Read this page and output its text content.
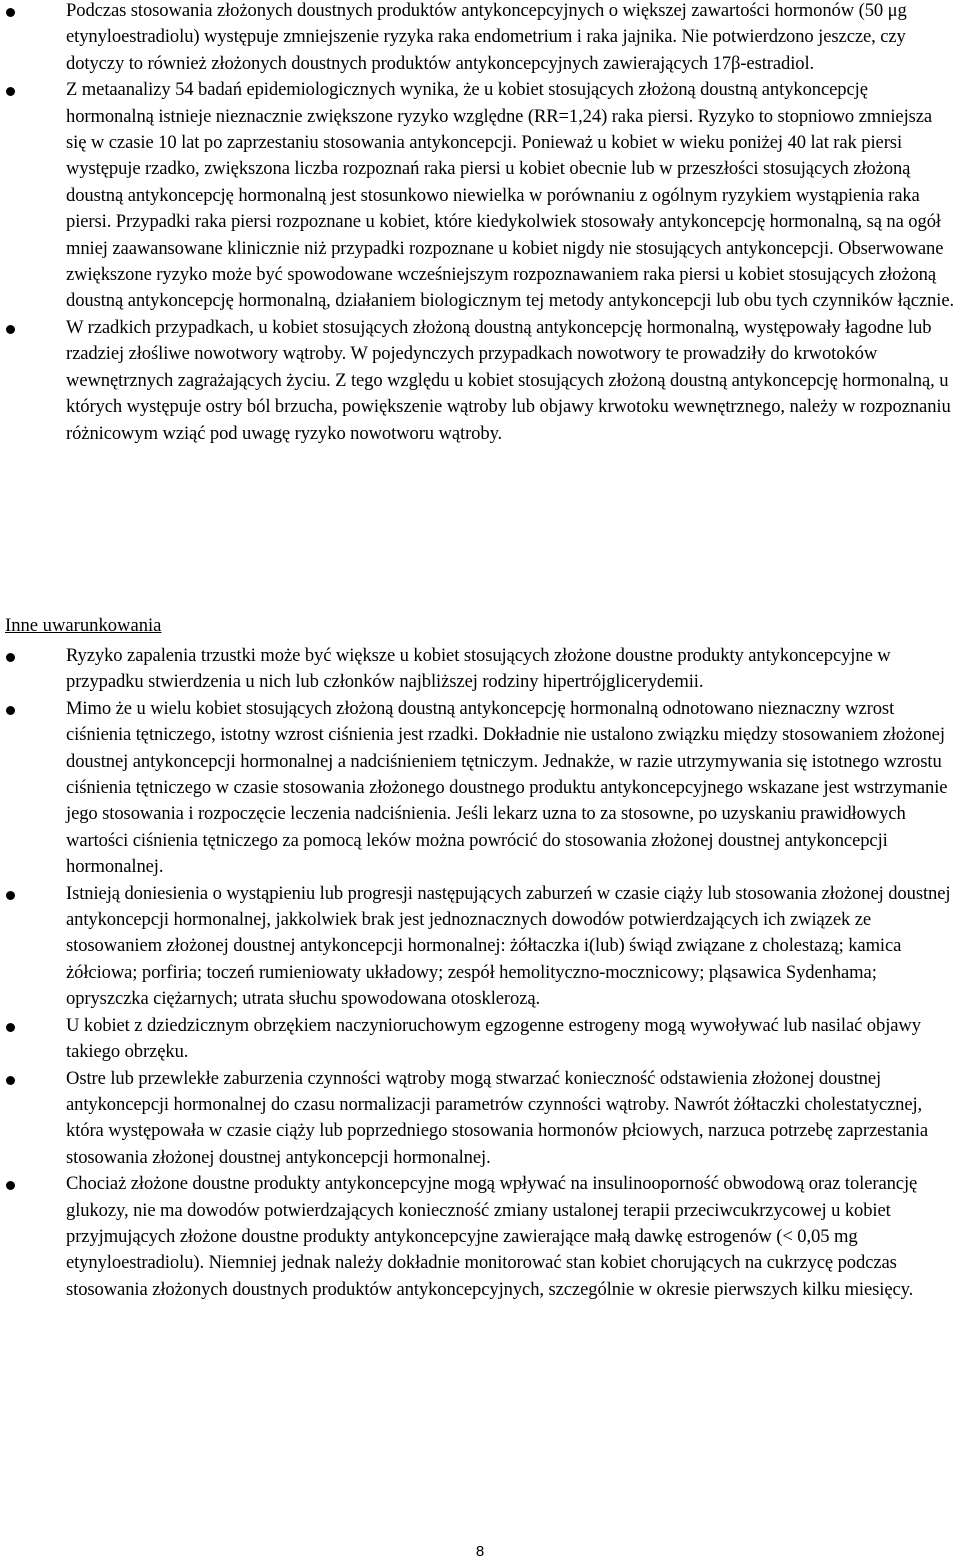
Podczas stosowania złożonych doustnych produktów antykoncepcyjnych o większej zawartości hormonów (50 μg etynyloestradiolu) występuje zmniejszenie ryzyka raka endometrium i raka jajnika. Nie potwierdzono jeszcze, czy dotyczy to również złożonych doustnych produktów antykoncepcyjnych zawierających 17β-estradiol.
Z metaanalizy 54 badań epidemiologicznych wynika, że u kobiet stosujących złożoną doustną antykoncepcję hormonalną istnieje nieznacznie zwiększone ryzyko względne (RR=1,24) raka piersi. Ryzyko to stopniowo zmniejsza się w czasie 10 lat po zaprzestaniu stosowania antykoncepcji. Ponieważ u kobiet w wieku poniżej 40 lat rak piersi występuje rzadko, zwiększona liczba rozpoznań raka piersi u kobiet obecnie lub w przeszłości stosujących złożoną doustną antykoncepcję hormonalną jest stosunkowo niewielka w porównaniu z ogólnym ryzykiem wystąpienia raka piersi. Przypadki raka piersi rozpoznane u kobiet, które kiedykolwiek stosowały antykoncepcję hormonalną, są na ogół mniej zaawansowane klinicznie niż przypadki rozpoznane u kobiet nigdy nie stosujących antykoncepcji. Obserwowane zwiększone ryzyko może być spowodowane wcześniejszym rozpoznawaniem raka piersi u kobiet stosujących złożoną doustną antykoncepcję hormonalną, działaniem biologicznym tej metody antykoncepcji lub obu tych czynników łącznie.
W rzadkich przypadkach, u kobiet stosujących złożoną doustną antykoncepcję hormonalną, występowały łagodne lub rzadziej złośliwe nowotwory wątroby. W pojedynczych przypadkach nowotwory te prowadziły do krwotoków wewnętrznych zagrażających życiu. Z tego względu u kobiet stosujących złożoną doustną antykoncepcję hormonalną, u których występuje ostry ból brzucha, powiększenie wątroby lub objawy krwotoku wewnętrznego, należy w rozpoznaniu różnicowym wziąć pod uwagę ryzyko nowotworu wątroby.
Inne uwarunkowania
Ryzyko zapalenia trzustki może być większe u kobiet stosujących złożone doustne produkty antykoncepcyjne w przypadku stwierdzenia u nich lub członków najbliższej rodziny hipertrójglicerydemii.
Mimo że u wielu kobiet stosujących złożoną doustną antykoncepcję hormonalną odnotowano nieznaczny wzrost ciśnienia tętniczego, istotny wzrost ciśnienia jest rzadki. Dokładnie nie ustalono związku między stosowaniem złożonej doustnej antykoncepcji hormonalnej a nadciśnieniem tętniczym. Jednakże, w razie utrzymywania się istotnego wzrostu ciśnienia tętniczego w czasie stosowania złożonego doustnego produktu antykoncepcyjnego wskazane jest wstrzymanie jego stosowania i rozpoczęcie leczenia nadciśnienia. Jeśli lekarz uzna to za stosowne, po uzyskaniu prawidłowych wartości ciśnienia tętniczego za pomocą leków można powrócić do stosowania złożonej doustnej antykoncepcji hormonalnej.
Istnieją doniesienia o wystąpieniu lub progresji następujących zaburzeń w czasie ciąży lub stosowania złożonej doustnej antykoncepcji hormonalnej, jakkolwiek brak jest jednoznacznych dowodów potwierdzających ich związek ze stosowaniem złożonej doustnej antykoncepcji hormonalnej: żółtaczka i(lub) świąd związane z cholestazą; kamica żółciowa; porfiria; toczeń rumieniowaty układowy; zespół hemolityczno-mocznicowy; pląsawica Sydenhama; opryszczka ciężarnych; utrata słuchu spowodowana otosklerozą.
U kobiet z dziedzicznym obrzękiem naczynioruchowym egzogenne estrogeny mogą wywoływać lub nasilać objawy takiego obrzęku.
Ostre lub przewlekłe zaburzenia czynności wątroby mogą stwarzać konieczność odstawienia złożonej doustnej antykoncepcji hormonalnej do czasu normalizacji parametrów czynności wątroby. Nawrót żółtaczki cholestatycznej, która występowała w czasie ciąży lub poprzedniego stosowania hormonów płciowych, narzuca potrzebę zaprzestania stosowania złożonej doustnej antykoncepcji hormonalnej.
Chociaż złożone doustne produkty antykoncepcyjne mogą wpływać na insulinooporność obwodową oraz tolerancję glukozy, nie ma dowodów potwierdzających konieczność zmiany ustalonej terapii przeciwcukrzycowej u kobiet przyjmujących złożone doustne produkty antykoncepcyjne zawierające małą dawkę estrogenów (< 0,05 mg etynyloestradiolu). Niemniej jednak należy dokładnie monitorować stan kobiet chorujących na cukrzycę podczas stosowania złożonych doustnych produktów antykoncepcyjnych, szczególnie w okresie pierwszych kilku miesięcy.
8
